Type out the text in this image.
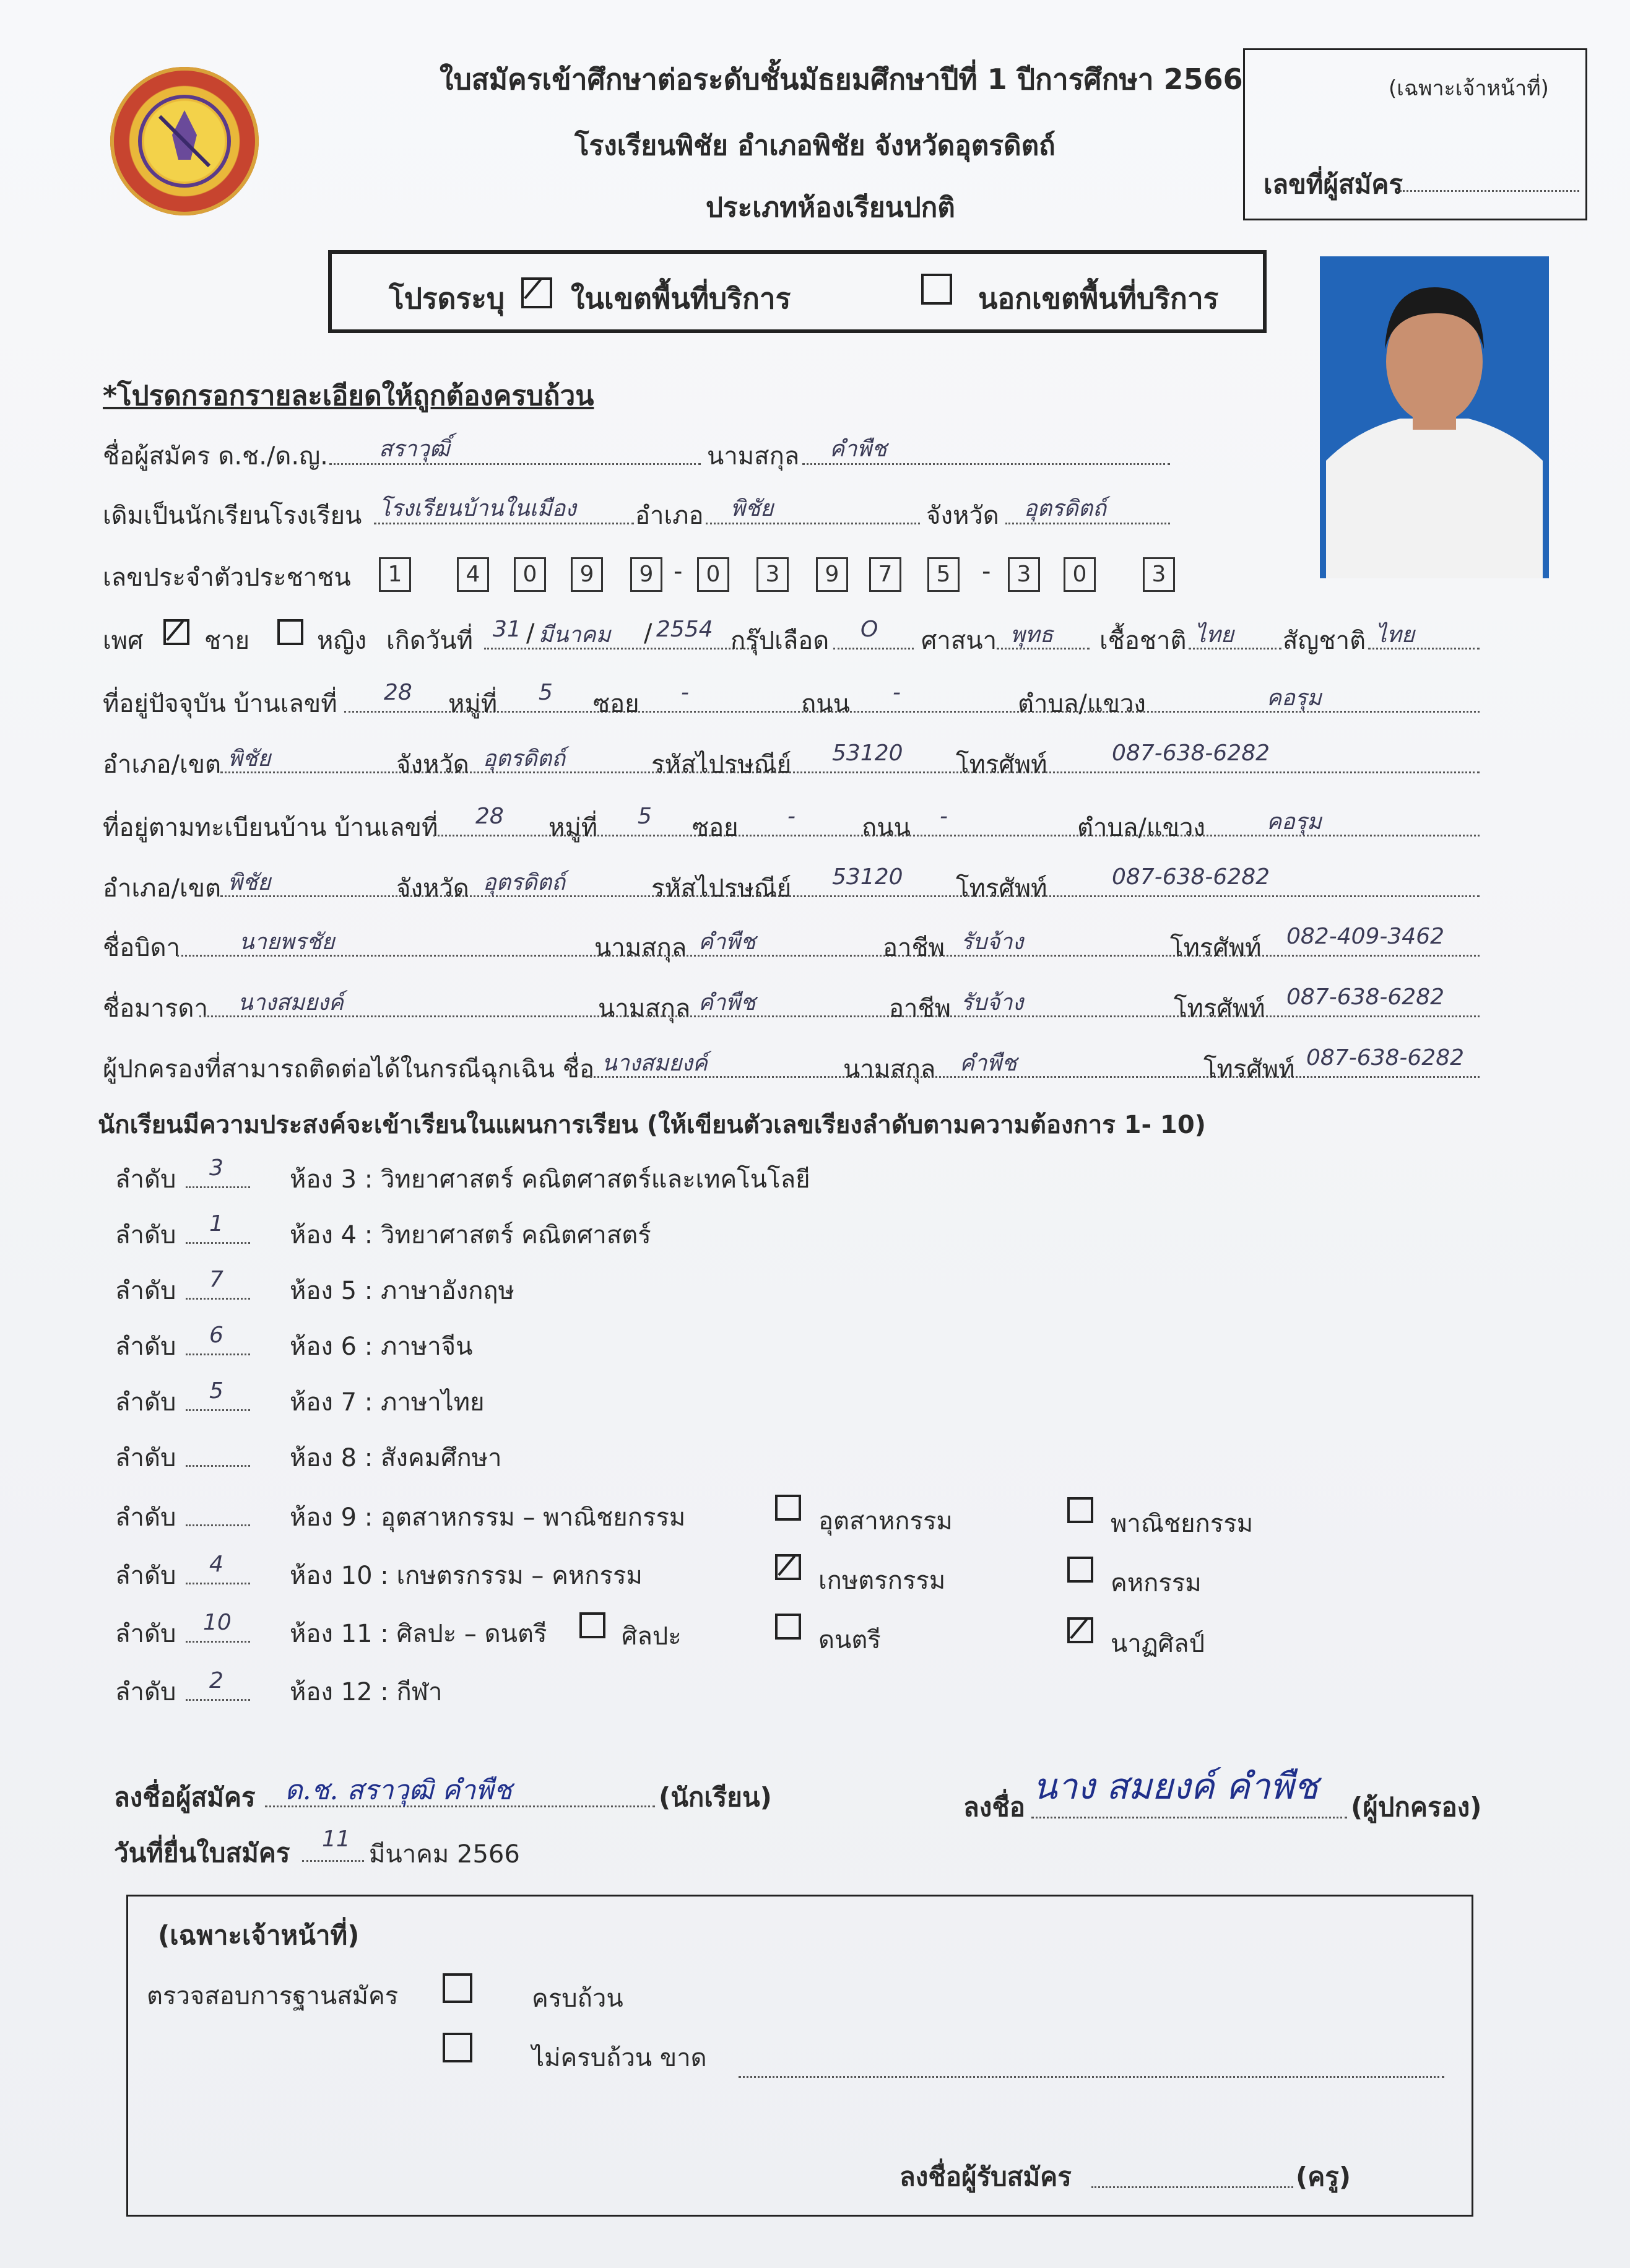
ใบสมัครเข้าศึกษาต่อระดับชั้นมัธยมศึกษาปีที่ 1 ปีการศึกษา 2566
โรงเรียนพิชัย อำเภอพิชัย จังหวัดอุตรดิตถ์
ประเภทห้องเรียนปกติ
(เฉพาะเจ้าหน้าที่)
เลขที่ผู้สมัคร
โปรดระบุ ในเขตพื้นที่บริการ	นอกเขตพื้นที่บริการ
*โปรดกรอกรายละเอียดให้ถูกต้องครบถ้วน
ชื่อผู้สมัคร ด.ช./ด.ญ. สราวุฒิ์	นามสกุล คำพืช
เดิมเป็นนักเรียนโรงเรียน โรงเรียนบ้านในเมือง อำเภอ พิชัย	จังหวัด อุตรดิตถ์
เลขประจำตัวประชาชน	1	4	0	9	9 -	0	3	9	7	5	-	3	0	3
เพศ ชาย	หญิง เกิดวันที่ 31 / มีนาคม / 2554 กรุ๊ปเลือด O ศาสนา พุทธ เชื้อชาติ ไทย สัญชาติ ไทย
ที่อยู่ปัจจุบัน บ้านเลขที่ 28 หมู่ที่ 5 ซอย -	ถนน -	ตำบล/แขวง	คอรุม
อำเภอ/เขต พิชัย	จังหวัด อุตรดิตถ์	รหัสไปรษณีย์ 53120 โทรศัพท์	087-638-6282
ที่อยู่ตามทะเบียนบ้าน บ้านเลขที่ 28 หมู่ที่ 5 ซอย -	ถนน -	ตำบล/แขวง	คอรุม
อำเภอ/เขต พิชัย	จังหวัด อุตรดิตถ์	รหัสไปรษณีย์ 53120 โทรศัพท์	087-638-6282
ชื่อบิดา	นายพรชัย	นามสกุล คำพืช	อาชีพ รับจ้าง	โทรศัพท์ 082-409-3462
ชื่อมารดา นางสมยงค์	นามสกุล คำพืช	อาชีพ รับจ้าง	โทรศัพท์ 087-638-6282
ผู้ปกครองที่สามารถติดต่อได้ในกรณีฉุกเฉิน ชื่อ นางสมยงค์	นามสกุล คำพืช	โทรศัพท์ 087-638-6282
นักเรียนมีความประสงค์จะเข้าเรียนในแผนการเรียน (ให้เขียนตัวเลขเรียงลำดับตามความต้องการ 1- 10)
ลำดับ 3	ห้อง 3 : วิทยาศาสตร์ คณิตศาสตร์และเทคโนโลยี
ลำดับ 1	ห้อง 4 : วิทยาศาสตร์ คณิตศาสตร์
ลำดับ 7	ห้อง 5 : ภาษาอังกฤษ
ลำดับ 6	ห้อง 6 : ภาษาจีน
ลำดับ 5	ห้อง 7 : ภาษาไทย
ลำดับ	ห้อง 8 : สังคมศึกษา
ลำดับ	ห้อง 9 : อุตสาหกรรม – พาณิชยกรรม	อุตสาหกรรม	พาณิชยกรรม
ลำดับ 4	ห้อง 10 : เกษตรกรรม – คหกรรม	เกษตรกรรม	คหกรรม
ลำดับ 10 ห้อง 11 : ศิลปะ – ดนตรี	ศิลปะ	ดนตรี	นาฏศิลป์
ลำดับ 2	ห้อง 12 : กีฬา
ลงชื่อผู้สมัคร ด.ช. สราวุฒิ คำพืช	(นักเรียน)	ลงชื่อ นาง สมยงค์ คำพืช (ผู้ปกครอง)
วันที่ยื่นใบสมัคร 11
มีนาคม 2566
(เฉพาะเจ้าหน้าที่)
ตรวจสอบการฐานสมัคร	ครบถ้วน
ไม่ครบถ้วน ขาด
ลงชื่อผู้รับสมัคร	(ครู)
